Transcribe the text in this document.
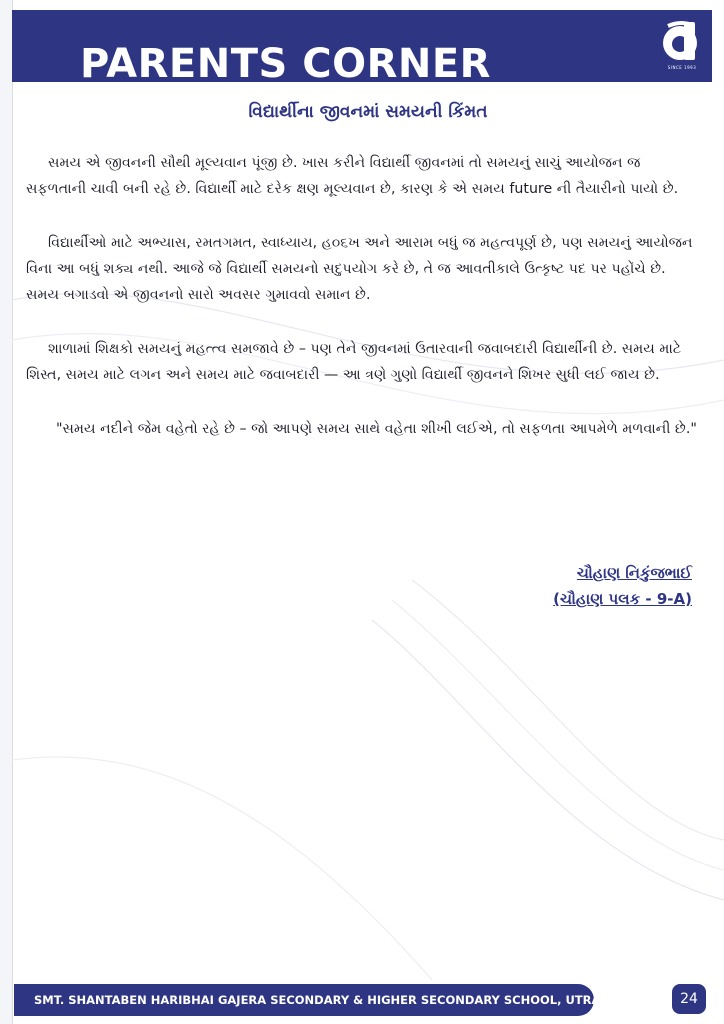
PARENTS CORNER	SINCE 1993
વિદ્યાર્થીના જીવનમાં સમયની કિંમત

સમય એ જીવનની સૌથી મૂલ્યવાન પૂંજી છે. ખાસ કરીને વિદ્યાર્થી જીવનમાં તો સમયનું સાચું આયોજન જ સફળતાની ચાવી બની રહે છે. વિદ્યાર્થી માટે દરેક ક્ષણ મૂલ્યવાન છે, કારણ કે એ સમય future ની તૈયારીનો પાયો છે.

વિદ્યાર્થીઓ માટે અભ્યાસ, રમતગમત, સ્વાધ્યાય, હ૦૬ખ અને આરામ બધું જ મહત્વપૂર્ણ છે, પણ સમયનું આયોજન વિના આ બધું શક્ય નથી. આજે જે વિદ્યાર્થી સમયનો સદુપયોગ કરે છે, તે જ આવતીકાલે ઉત્કૃષ્ટ પદ પર પહોંચે છે. સમય બગાડવો એ જીવનનો સારો અવસર ગુમાવવો સમાન છે.

શાળામાં શિક્ષકો સમયનું મહત્ત્વ સમજાવે છે – પણ તેને જીવનમાં ઉતારવાની જવાબદારી વિદ્યાર્થીની છે. સમય માટે શિસ્ત, સમય માટે લગન અને સમય માટે જવાબદારી — આ ત્રણે ગુણો વિદ્યાર્થી જીવનને શિખર સુધી લઈ જાય છે.

"સમય નદીને જેમ વહેતો રહે છે – જો આપણે સમય સાથે વહેતા શીખી લઈએ, તો સફળતા આપમેળે મળવાની છે."

ચૌહાણ નિકુંજભાઈ
(ચૌહાણ પલક - 9-A)
SMT. SHANTABEN HARIBHAI GAJERA SECONDARY & HIGHER SECONDARY SCHOOL, UTRAN	24
